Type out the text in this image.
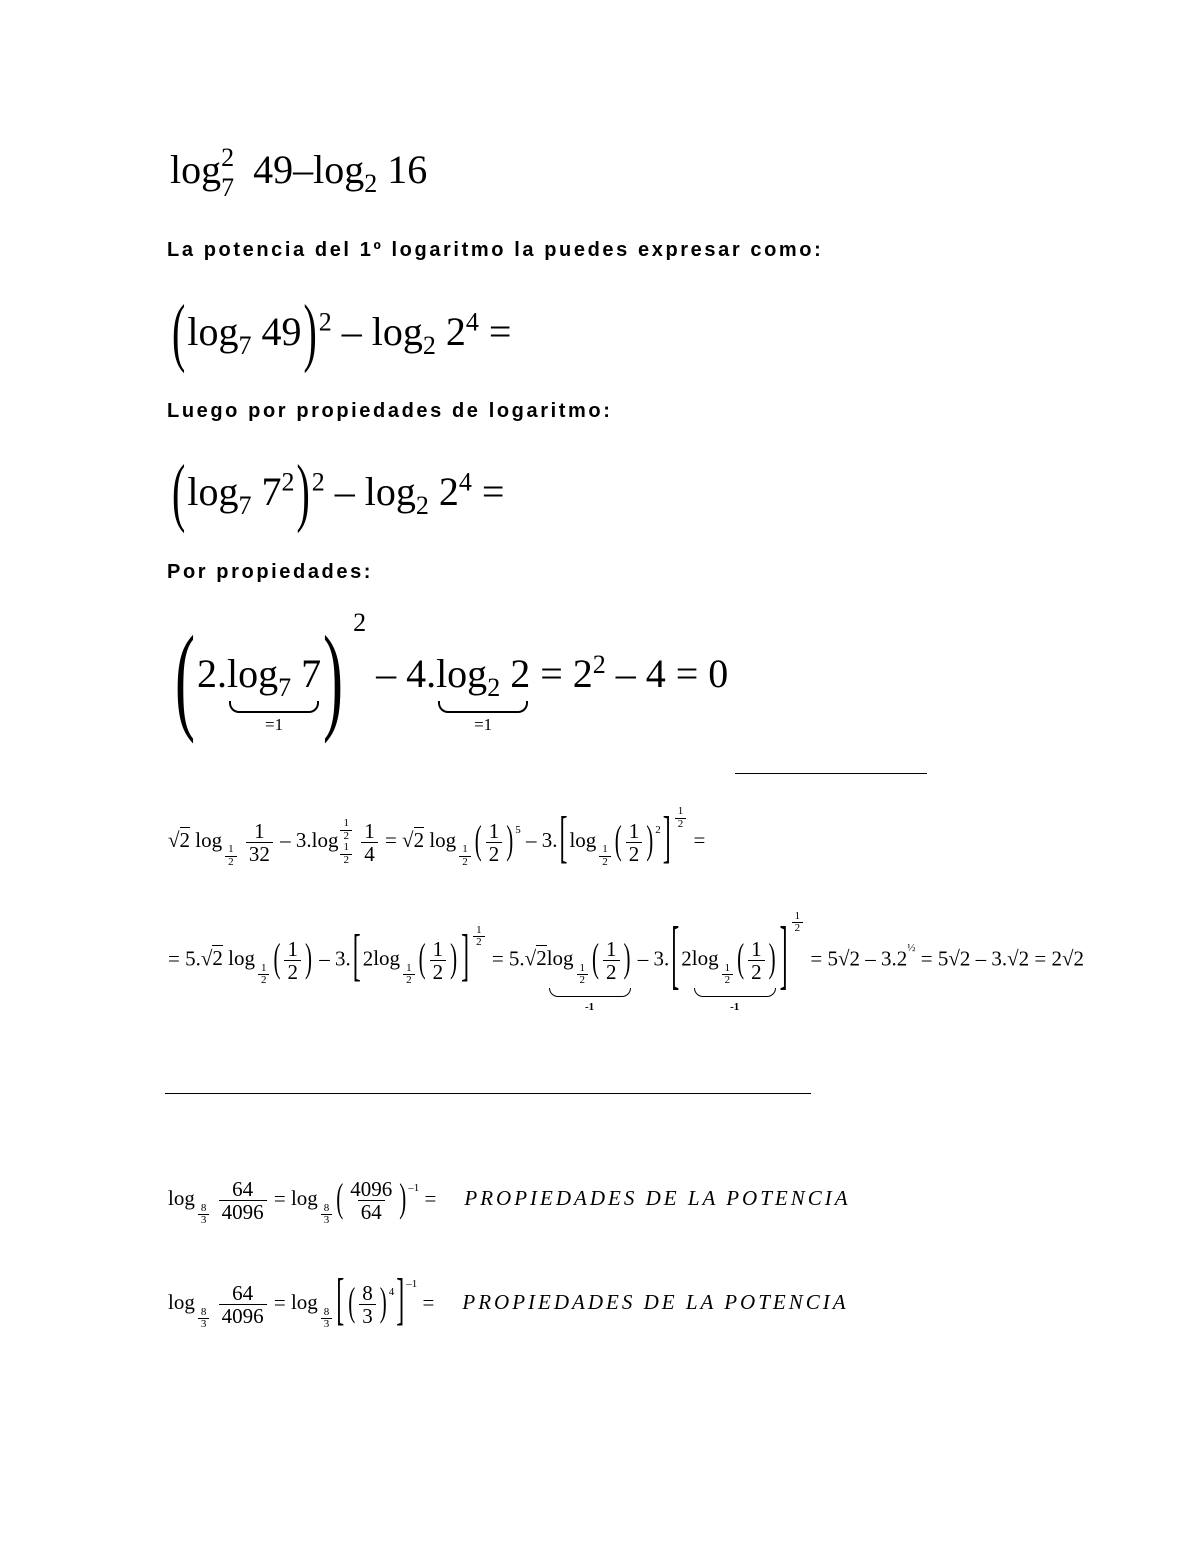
log 2
7 $49-\log_2$ 16
La potencia del 1º logaritmo la puedes expresar como:
($\log_7$ $49)^2 - \log_2 2^4$ =
Luego por propiedades de logaritmo:
($\log_7$ $7^2)^2 - \log_2 2^4$ =
Por propiedades:
( $2.\log_7$ 7
=1 ) $2 - 4.\log_2$ 2
=1
= $2^2 - 4 = 0$
√2 log
$\frac{1}{2}$
$\frac{1}{32} - 3.\log \frac{1}{2}$
$\frac{1}{2}$
$\frac{1}{4} = √2$ log
$\frac{1}{2}$ ( $\frac{1}{2}$ ) 5 – 3.[log
$\frac{1}{2}$ ( $\frac{1}{2}$ ) $2] \frac{1}{2}$
=
= 5.√2 log
$\frac{1}{2}$ ( $\frac{1}{2}$ ) – 3.[2log
$\frac{1}{2}$ ( $\frac{1}{2}$ ) ] $\frac{1}{2}$
= 5.√2log
$\frac{1}{2}$ ( $\frac{1}{2}$ )
-1
– 3.[2log
$\frac{1}{2}$ ( $\frac{1}{2}$ )
-1
] $\frac{1}{2}$
= 5√2 – 3.2½ = 5√2 – 3.√2 = 2√2
log
$\frac{8}{3}$
$\frac{64}{4096} = \log$
$\frac{8}{3}$ ( $\frac{4096}{64}$ ) –1 = PROPIEDADES DE LA POTENCIA
log
$\frac{8}{3}$
$\frac{64}{4096} = \log$
$\frac{8}{3}$ [ ( $\frac{8}{3}$ ) 4] –1 = PROPIEDADES DE LA POTENCIA
